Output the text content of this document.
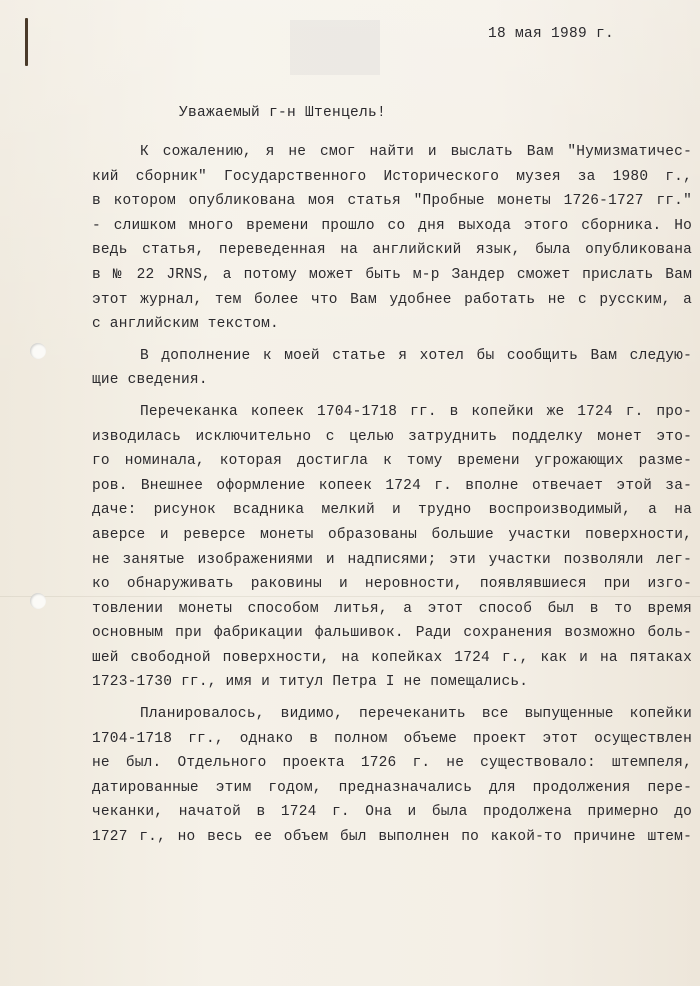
18 мая 1989 г.
Уважаемый г-н Штенцель!
К сожалению, я не смог найти и выслать Вам "Нумизматичес-
кий сборник" Государственного Исторического музея за 1980 г.,
в котором опубликована моя статья "Пробные монеты 1726-1727 гг."
- слишком много времени прошло со дня выхода этого сборника. Но
ведь статья, переведенная на английский язык, была опубликована
в № 22 JRNS, а потому может быть м-р Зандер сможет прислать Вам
этот журнал, тем более что Вам удобнее работать не с русским, а
с английским текстом.
В дополнение к моей статье я хотел бы сообщить Вам следую-
щие сведения.
Перечеканка копеек 1704-1718 гг. в копейки же 1724 г. про-
изводилась исключительно с целью затруднить подделку монет это-
го номинала, которая достигла к тому времени угрожающих разме-
ров. Внешнее оформление копеек 1724 г. вполне отвечает этой за-
даче: рисунок всадника мелкий и трудно воспроизводимый, а на
аверсе и реверсе монеты образованы большие участки поверхности,
не занятые изображениями и надписями; эти участки позволяли лег-
ко обнаруживать раковины и неровности, появлявшиеся при изго-
товлении монеты способом литья, а этот способ был в то время
основным при фабрикации фальшивок. Ради сохранения возможно боль-
шей свободной поверхности, на копейках 1724 г., как и на пятаках
1723-1730 гг., имя и титул Петра I не помещались.
Планировалось, видимо, перечеканить все выпущенные копейки
1704-1718 гг., однако в полном объеме проект этот осуществлен
не был. Отдельного проекта 1726 г. не существовало: штемпеля,
датированные этим годом, предназначались для продолжения пере-
чеканки, начатой в 1724 г. Она и была продолжена примерно до
1727 г., но весь ее объем был выполнен по какой-то причине штем-
